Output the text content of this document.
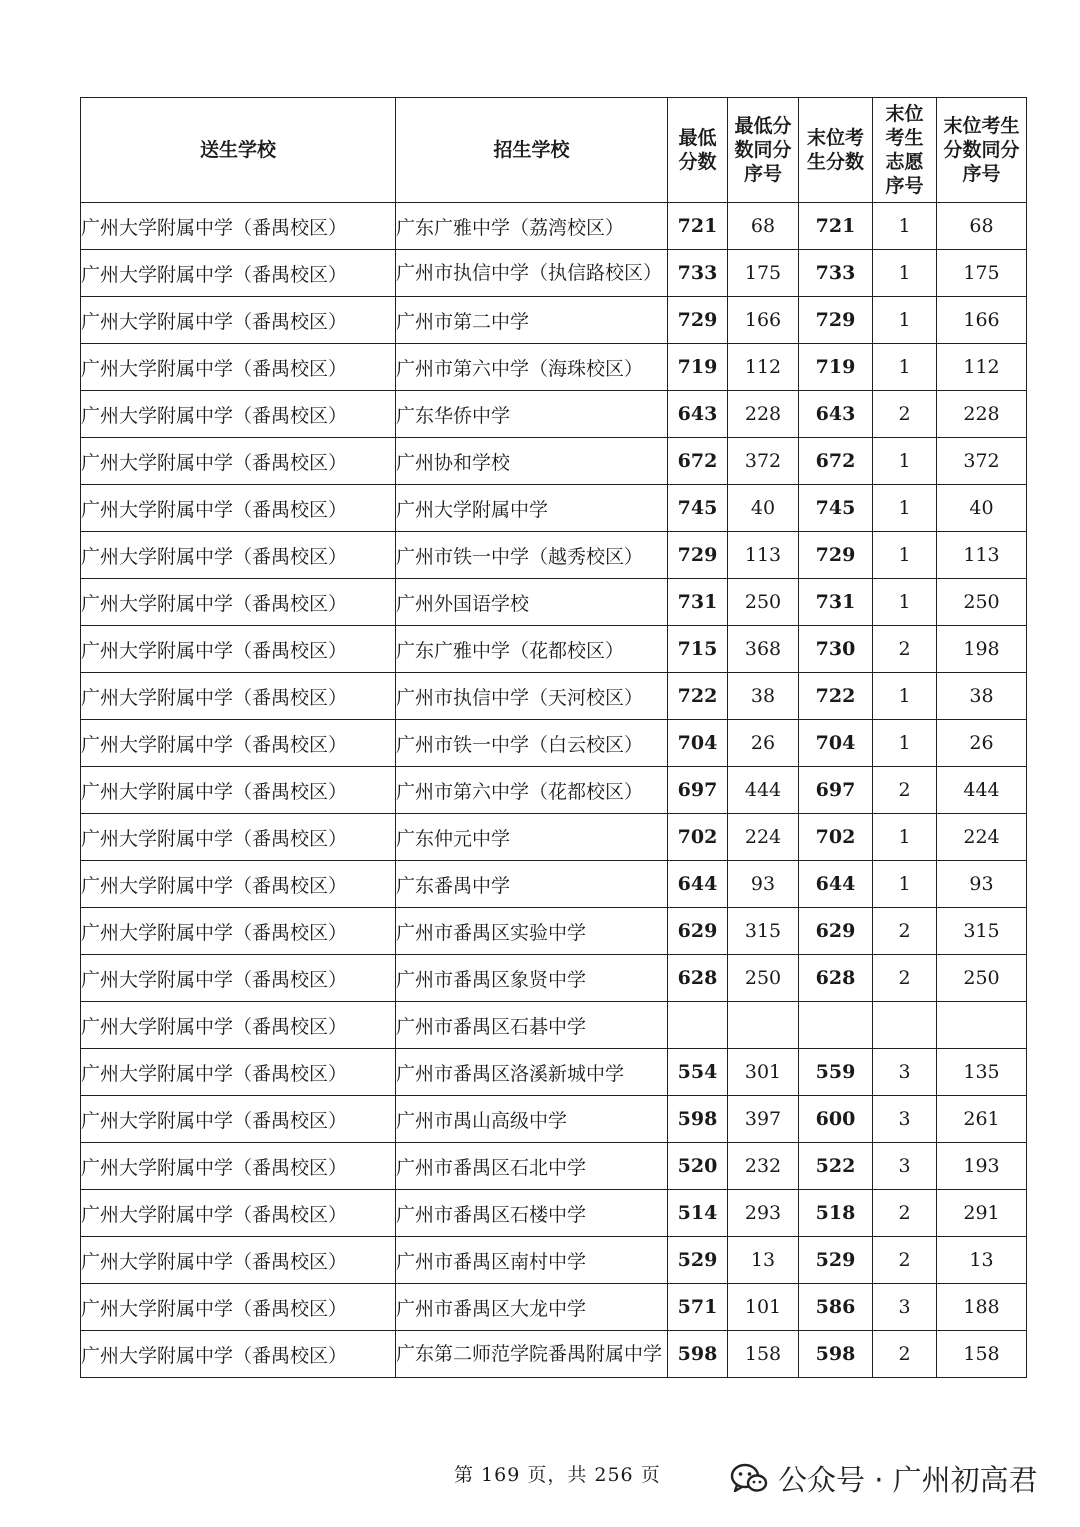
送生学校	招生学校	最低分数	最低分数同分序号	末位考生分数	末位考生志愿序号	末位考生分数同分序号
广州大学附属中学（番禺校区）	广东广雅中学（荔湾校区）	721	68	721	1	68
广州大学附属中学（番禺校区）	广州市执信中学（执信路校区）	733	175	733	1	175
广州大学附属中学（番禺校区）	广州市第二中学	729	166	729	1	166
广州大学附属中学（番禺校区）	广州市第六中学（海珠校区）	719	112	719	1	112
广州大学附属中学（番禺校区）	广东华侨中学	643	228	643	2	228
广州大学附属中学（番禺校区）	广州协和学校	672	372	672	1	372
广州大学附属中学（番禺校区）	广州大学附属中学	745	40	745	1	40
广州大学附属中学（番禺校区）	广州市铁一中学（越秀校区）	729	113	729	1	113
广州大学附属中学（番禺校区）	广州外国语学校	731	250	731	1	250
广州大学附属中学（番禺校区）	广东广雅中学（花都校区）	715	368	730	2	198
广州大学附属中学（番禺校区）	广州市执信中学（天河校区）	722	38	722	1	38
广州大学附属中学（番禺校区）	广州市铁一中学（白云校区）	704	26	704	1	26
广州大学附属中学（番禺校区）	广州市第六中学（花都校区）	697	444	697	2	444
广州大学附属中学（番禺校区）	广东仲元中学	702	224	702	1	224
广州大学附属中学（番禺校区）	广东番禺中学	644	93	644	1	93
广州大学附属中学（番禺校区）	广州市番禺区实验中学	629	315	629	2	315
广州大学附属中学（番禺校区）	广州市番禺区象贤中学	628	250	628	2	250
广州大学附属中学（番禺校区）	广州市番禺区石碁中学					
广州大学附属中学（番禺校区）	广州市番禺区洛溪新城中学	554	301	559	3	135
广州大学附属中学（番禺校区）	广州市禺山高级中学	598	397	600	3	261
广州大学附属中学（番禺校区）	广州市番禺区石北中学	520	232	522	3	193
广州大学附属中学（番禺校区）	广州市番禺区石楼中学	514	293	518	2	291
广州大学附属中学（番禺校区）	广州市番禺区南村中学	529	13	529	2	13
广州大学附属中学（番禺校区）	广州市番禺区大龙中学	571	101	586	3	188
广州大学附属中学（番禺校区）	广东第二师范学院番禺附属中学	598	158	598	2	158
第 169 页，共 256 页	公众号 · 广州初高君
